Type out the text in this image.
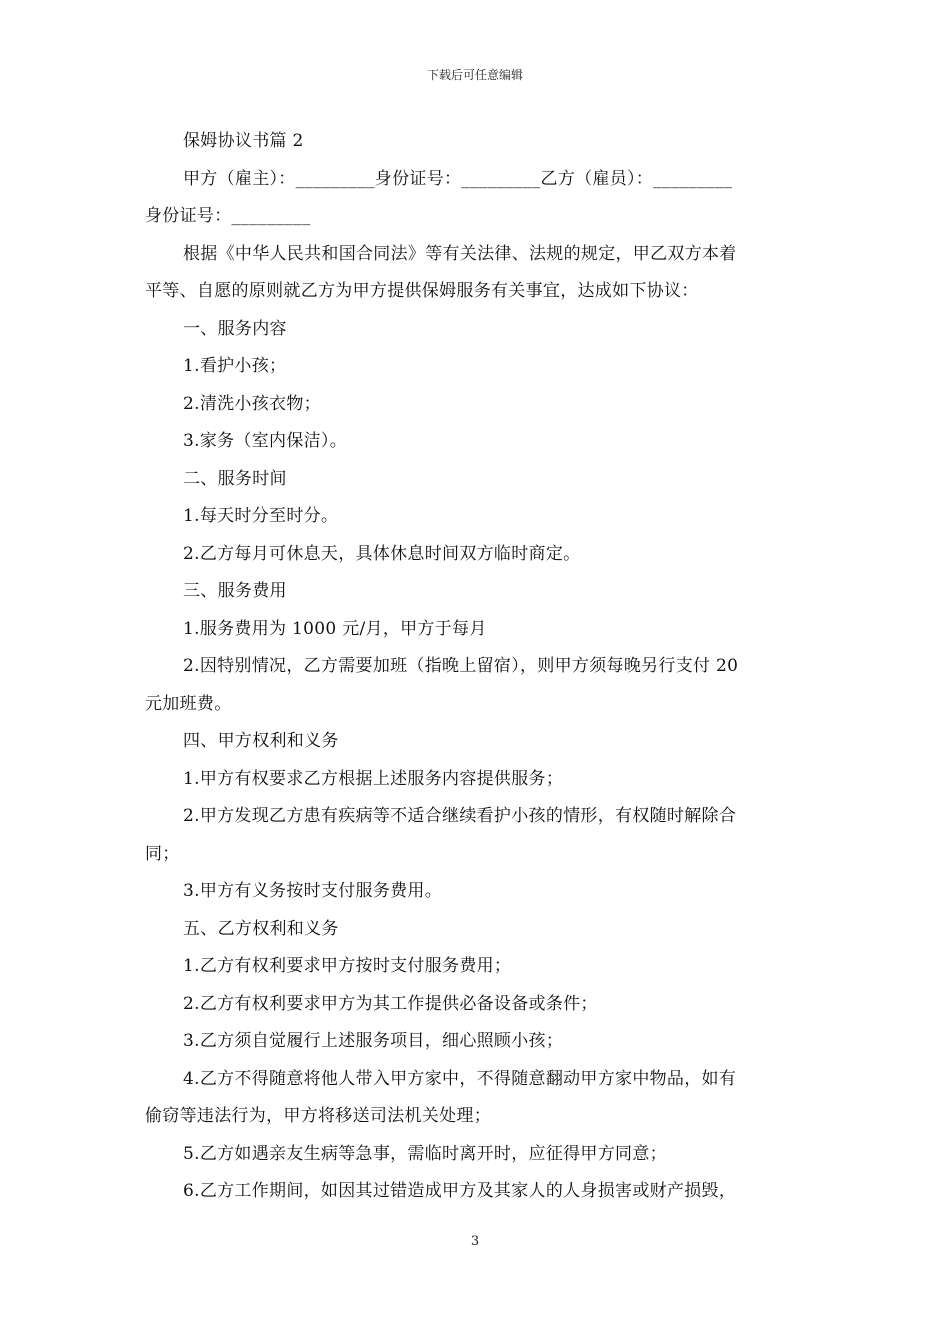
下载后可任意编辑

保姆协议书篇 2

甲方（雇主）：_________身份证号：_________乙方（雇员）：_________

身份证号：_________

根据《中华人民共和国合同法》等有关法律、法规的规定，甲乙双方本着

平等、自愿的原则就乙方为甲方提供保姆服务有关事宜，达成如下协议：

一、服务内容

1.看护小孩；

2.清洗小孩衣物；

3.家务（室内保洁）。

二、服务时间

1.每天时分至时分。

2.乙方每月可休息天，具体休息时间双方临时商定。

三、服务费用

1.服务费用为 1000 元/月，甲方于每月

2.因特别情况，乙方需要加班（指晚上留宿），则甲方须每晚另行支付 20

元加班费。

四、甲方权利和义务

1.甲方有权要求乙方根据上述服务内容提供服务；

2.甲方发现乙方患有疾病等不适合继续看护小孩的情形，有权随时解除合

同；

3.甲方有义务按时支付服务费用。

五、乙方权利和义务

1.乙方有权利要求甲方按时支付服务费用；

2.乙方有权利要求甲方为其工作提供必备设备或条件；

3.乙方须自觉履行上述服务项目，细心照顾小孩；

4.乙方不得随意将他人带入甲方家中，不得随意翻动甲方家中物品，如有

偷窃等违法行为，甲方将移送司法机关处理；

5.乙方如遇亲友生病等急事，需临时离开时，应征得甲方同意；

6.乙方工作期间，如因其过错造成甲方及其家人的人身损害或财产损毁，

3
